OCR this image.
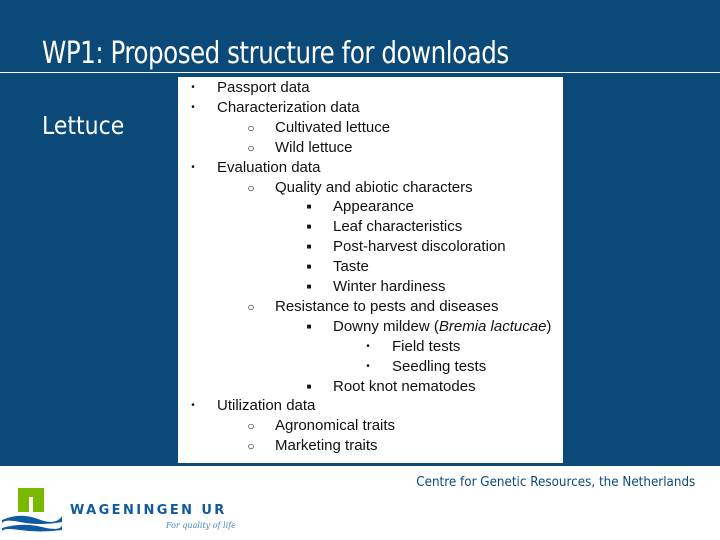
WP1: Proposed structure for downloads
Lettuce
• Passport data
• Characterization data
○ Cultivated lettuce
○ Wild lettuce
• Evaluation data
○ Quality and abiotic characters
■ Appearance
■ Leaf characteristics
■ Post-harvest discoloration
■ Taste
■ Winter hardiness
○ Resistance to pests and diseases
■ Downy mildew (Bremia lactucae)
• Field tests
• Seedling tests
■ Root knot nematodes
• Utilization data
○ Agronomical traits
○ Marketing traits
Centre for Genetic Resources, the Netherlands
WAGENINGEN UR
For quality of life
